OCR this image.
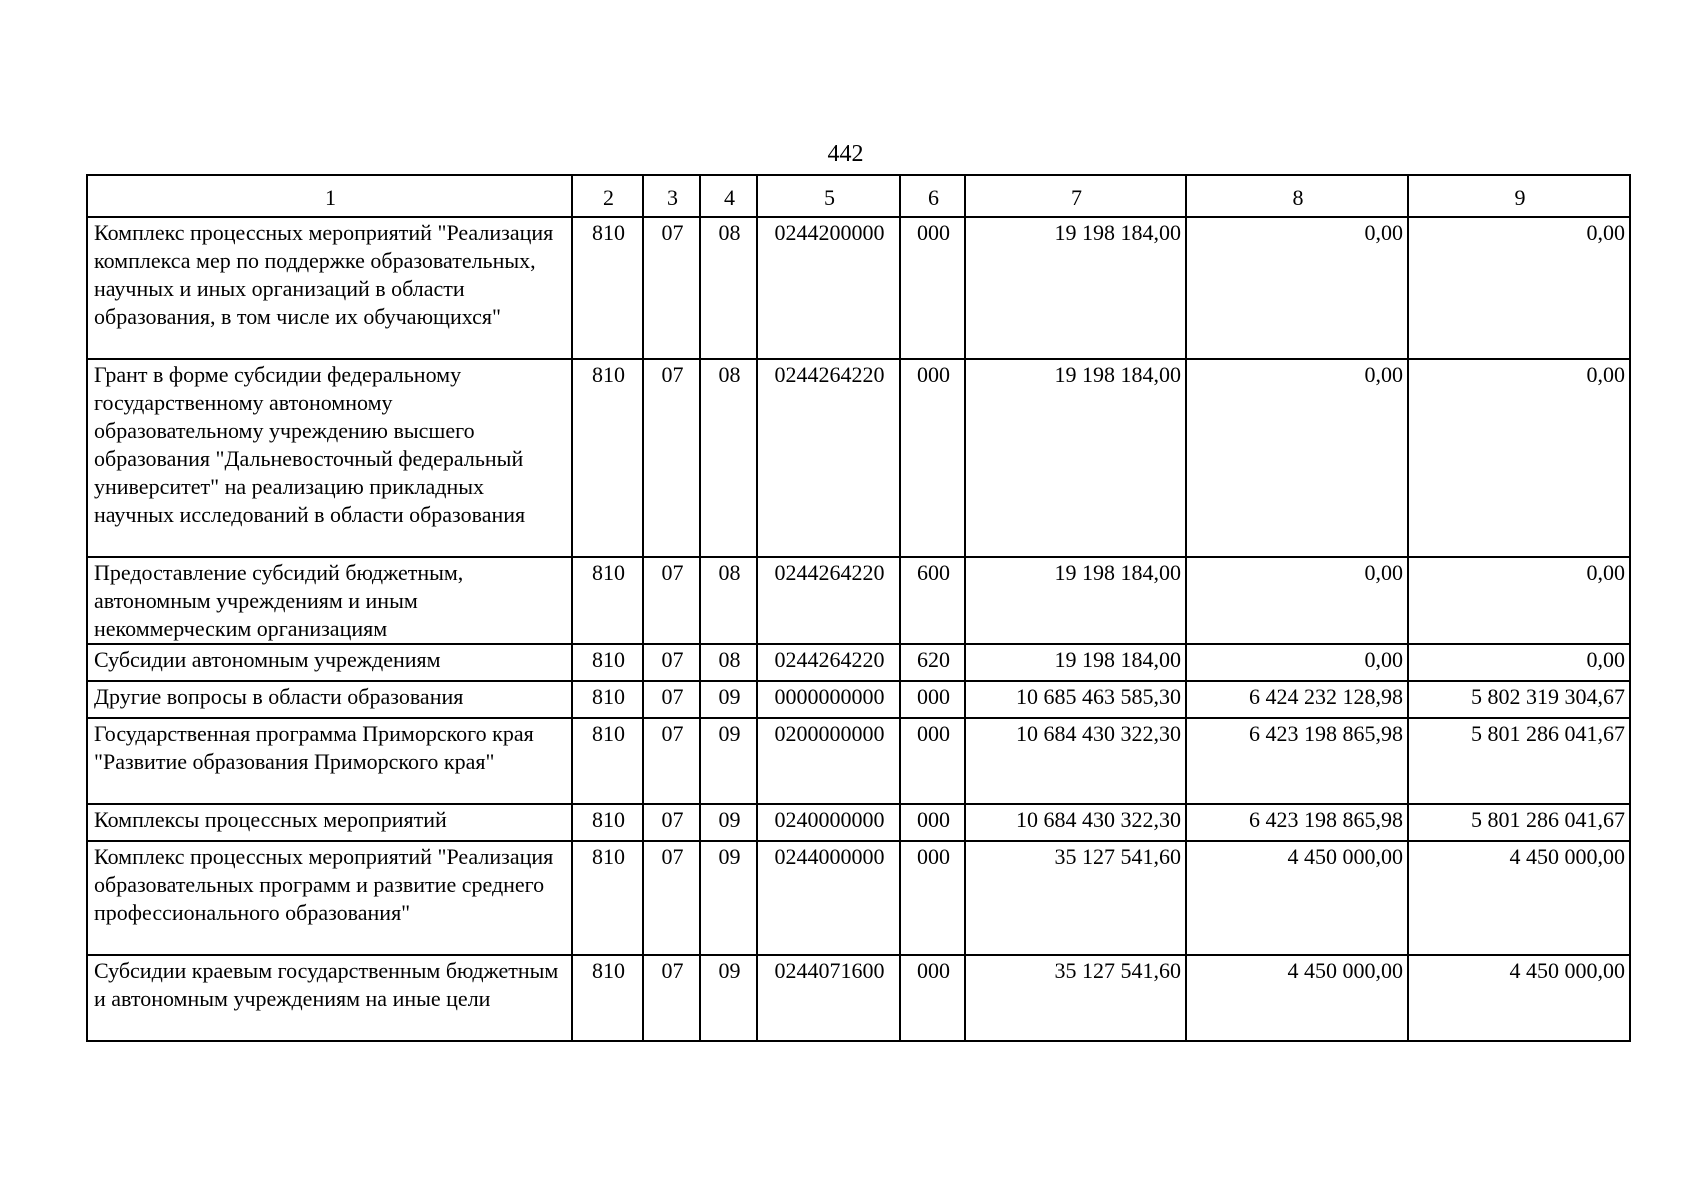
442
1	2	3	4	5	6	7	8	9
Комплекс процессных мероприятий "Реализация комплекса мер по поддержке образовательных, научных и иных организаций в области образования, в том числе их обучающихся"	810	07	08	0244200000	000	19 198 184,00	0,00	0,00
Грант в форме субсидии федеральному государственному автономному образовательному учреждению высшего образования "Дальневосточный федеральный университет" на реализацию прикладных научных исследований в области образования	810	07	08	0244264220	000	19 198 184,00	0,00	0,00
Предоставление субсидий бюджетным, автономным учреждениям и иным некоммерческим организациям	810	07	08	0244264220	600	19 198 184,00	0,00	0,00
Субсидии автономным учреждениям	810	07	08	0244264220	620	19 198 184,00	0,00	0,00
Другие вопросы в области образования	810	07	09	0000000000	000	10 685 463 585,30	6 424 232 128,98	5 802 319 304,67
Государственная программа Приморского края "Развитие образования Приморского края"	810	07	09	0200000000	000	10 684 430 322,30	6 423 198 865,98	5 801 286 041,67
Комплексы процессных мероприятий	810	07	09	0240000000	000	10 684 430 322,30	6 423 198 865,98	5 801 286 041,67
Комплекс процессных мероприятий "Реализация образовательных программ и развитие среднего профессионального образования"	810	07	09	0244000000	000	35 127 541,60	4 450 000,00	4 450 000,00
Субсидии краевым государственным бюджетным и автономным учреждениям на иные цели	810	07	09	0244071600	000	35 127 541,60	4 450 000,00	4 450 000,00
